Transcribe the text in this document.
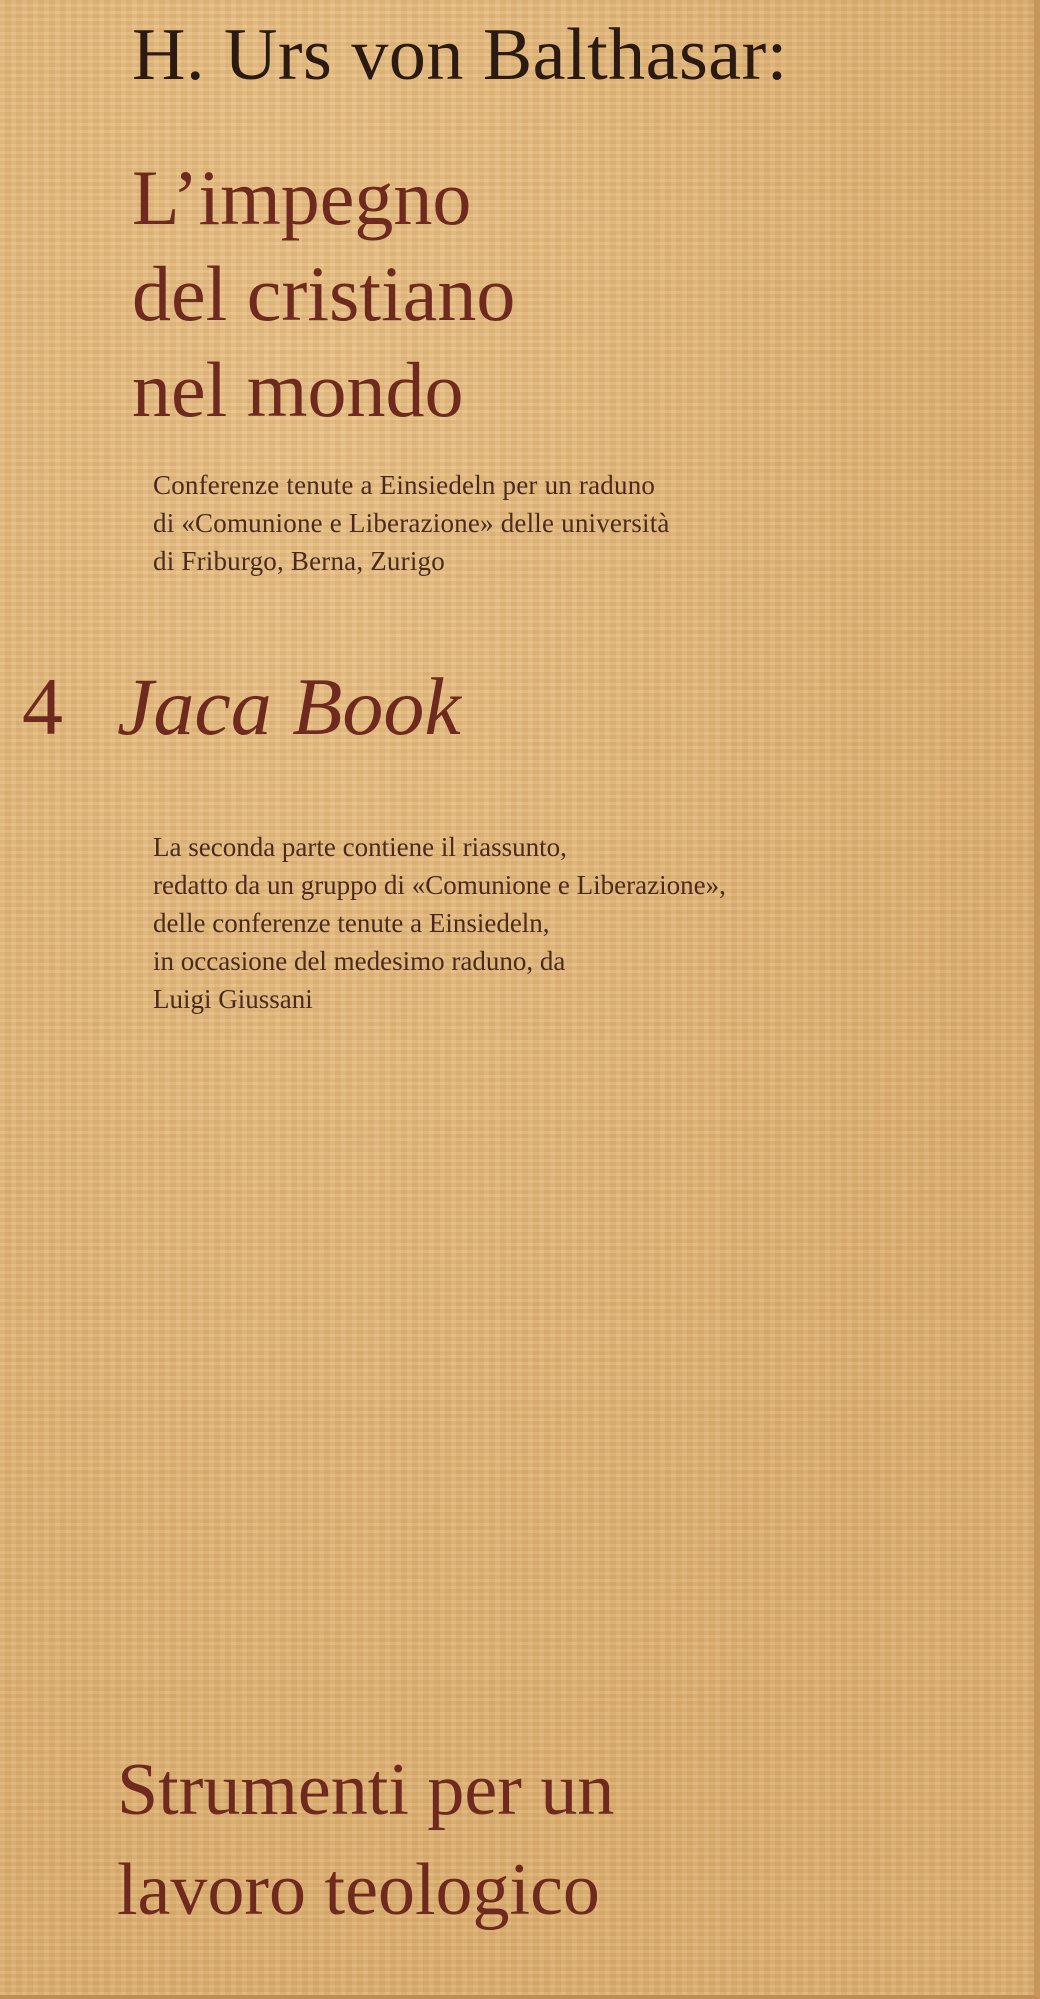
H. Urs von Balthasar:
L’impegno
del cristiano
nel mondo
Conferenze tenute a Einsiedeln per un raduno
di «Comunione e Liberazione» delle università
di Friburgo, Berna, Zurigo
4 Jaca Book
La seconda parte contiene il riassunto,
redatto da un gruppo di «Comunione e Liberazione»,
delle conferenze tenute a Einsiedeln,
in occasione del medesimo raduno, da
Luigi Giussani
Strumenti per un
lavoro teologico
